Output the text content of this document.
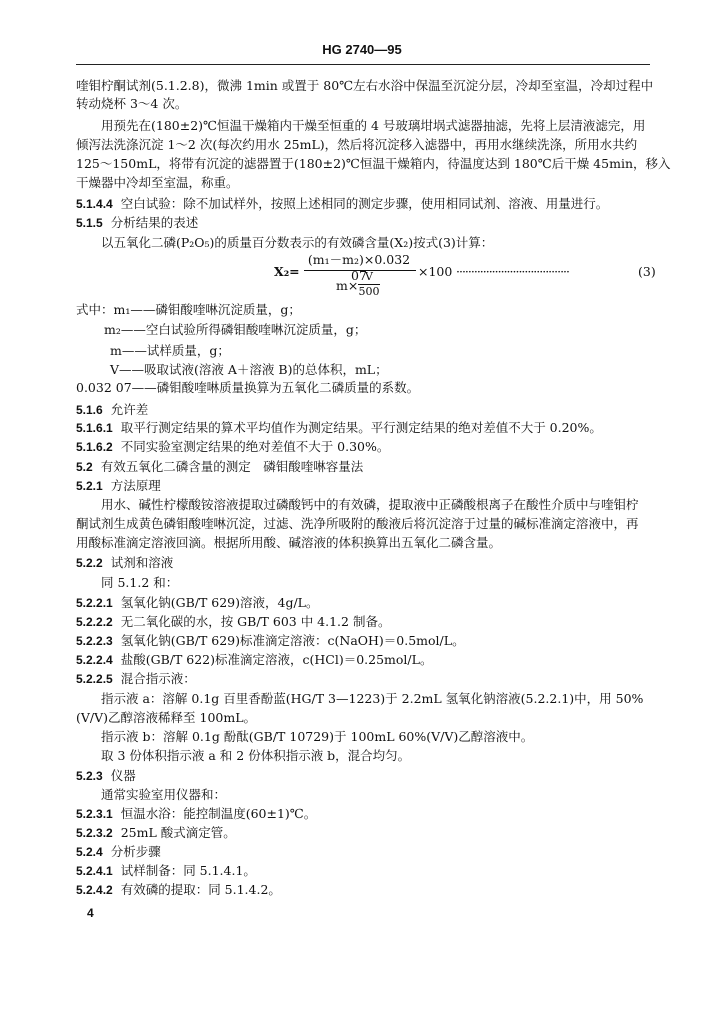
HG 2740—95
喹钼柠酮试剂(5.1.2.8)，微沸 1min 或置于 80℃左右水浴中保温至沉淀分层，冷却至室温，冷却过程中
转动烧杯 3～4 次。
用预先在(180±2)℃恒温干燥箱内干燥至恒重的 4 号玻璃坩埚式滤器抽滤，先将上层清液滤完，用
倾泻法洗涤沉淀 1～2 次(每次约用水 25mL)，然后将沉淀移入滤器中，再用水继续洗涤，所用水共约
125～150mL，将带有沉淀的滤器置于(180±2)℃恒温干燥箱内，待温度达到 180℃后干燥 45min，移入
干燥器中冷却至室温，称重。
5.1.4.4 空白试验：除不加试样外，按照上述相同的测定步骤，使用相同试剂、溶液、用量进行。
5.1.5 分析结果的表述
以五氧化二磷(P₂O₅)的质量百分数表示的有效磷含量(X₂)按式(3)计算：
X₂=
(m₁－m₂)×0.032 07
m×
V
500
×100 ······································	(3)
式中：m₁——磷钼酸喹啉沉淀质量，g；
m₂——空白试验所得磷钼酸喹啉沉淀质量，g；
m——试样质量，g；
V——吸取试液(溶液 A＋溶液 B)的总体积，mL；
0.032 07——磷钼酸喹啉质量换算为五氧化二磷质量的系数。
5.1.6 允许差
5.1.6.1 取平行测定结果的算术平均值作为测定结果。平行测定结果的绝对差值不大于 0.20%。
5.1.6.2 不同实验室测定结果的绝对差值不大于 0.30%。
5.2 有效五氧化二磷含量的测定　磷钼酸喹啉容量法
5.2.1 方法原理
用水、碱性柠檬酸铵溶液提取过磷酸钙中的有效磷，提取液中正磷酸根离子在酸性介质中与喹钼柠
酮试剂生成黄色磷钼酸喹啉沉淀，过滤、洗净所吸附的酸液后将沉淀溶于过量的碱标准滴定溶液中，再
用酸标准滴定溶液回滴。根据所用酸、碱溶液的体积换算出五氧化二磷含量。
5.2.2 试剂和溶液
同 5.1.2 和：
5.2.2.1 氢氧化钠(GB/T 629)溶液，4g/L。
5.2.2.2 无二氧化碳的水，按 GB/T 603 中 4.1.2 制备。
5.2.2.3 氢氧化钠(GB/T 629)标准滴定溶液：c(NaOH)＝0.5mol/L。
5.2.2.4 盐酸(GB/T 622)标准滴定溶液，c(HCl)＝0.25mol/L。
5.2.2.5 混合指示液：
指示液 a：溶解 0.1g 百里香酚蓝(HG/T 3—1223)于 2.2mL 氢氧化钠溶液(5.2.2.1)中，用 50%
(V/V)乙醇溶液稀释至 100mL。
指示液 b：溶解 0.1g 酚酞(GB/T 10729)于 100mL 60%(V/V)乙醇溶液中。
取 3 份体积指示液 a 和 2 份体积指示液 b，混合均匀。
5.2.3 仪器
通常实验室用仪器和：
5.2.3.1 恒温水浴：能控制温度(60±1)℃。
5.2.3.2 25mL 酸式滴定管。
5.2.4 分析步骤
5.2.4.1 试样制备：同 5.1.4.1。
5.2.4.2 有效磷的提取：同 5.1.4.2。
4
